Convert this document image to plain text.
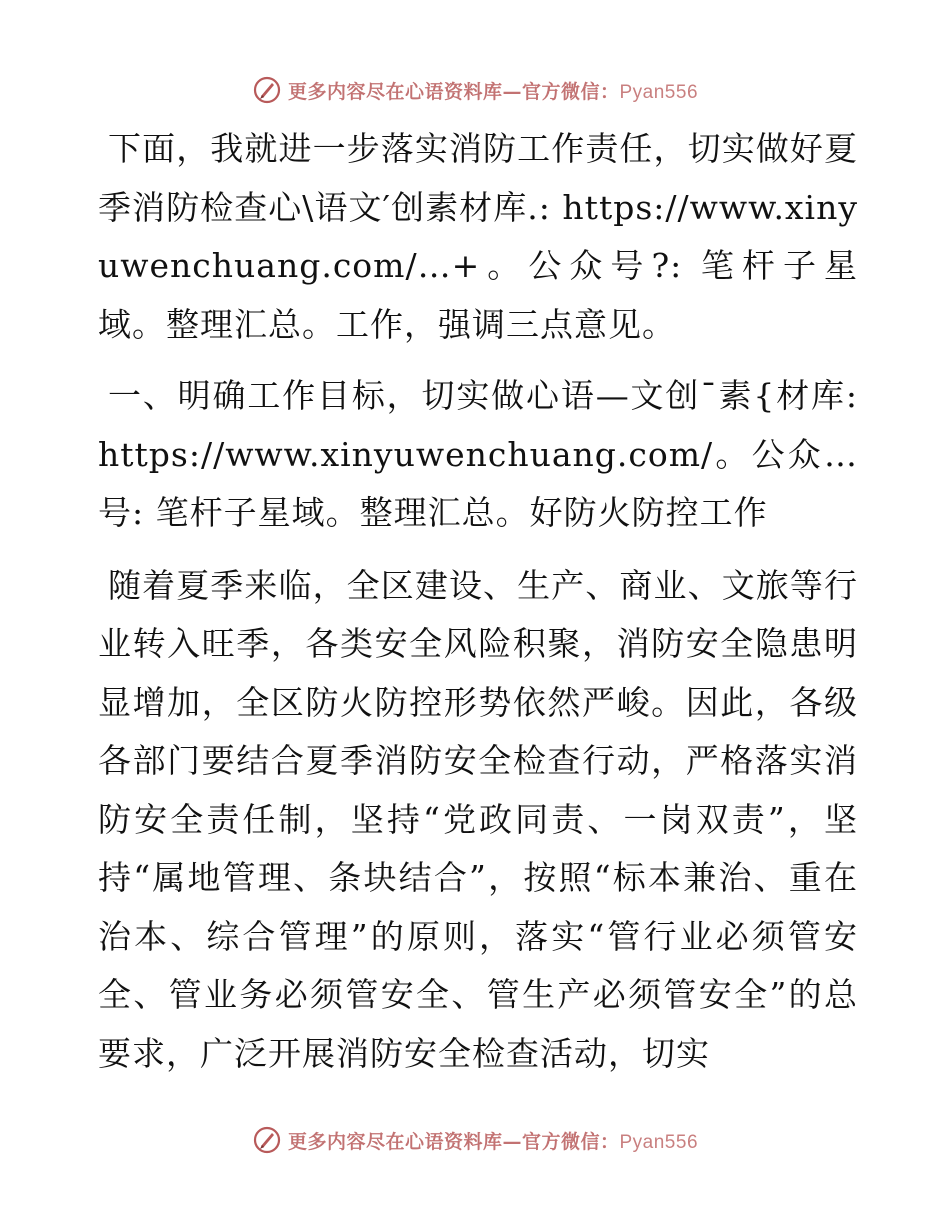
更多内容尽在心语资料库—官方微信：Pyan556

下面，我就进一步落实消防工作责任，切实做好夏季消防检查心\语文′创素材库.: https://www.xinyuwenchuang.com/…+。公众号?: 笔杆子星域。整理汇总。工作，强调三点意见。

一、明确工作目标，切实做心语—文创¯素{材库: https://www.xinyuwenchuang.com/。公众…号: 笔杆子星域。整理汇总。好防火防控工作

随着夏季来临，全区建设、生产、商业、文旅等行业转入旺季，各类安全风险积聚，消防安全隐患明显增加，全区防火防控形势依然严峻。因此，各级各部门要结合夏季消防安全检查行动，严格落实消防安全责任制，坚持“党政同责、一岗双责”，坚持“属地管理、条块结合”，按照“标本兼治、重在治本、综合管理”的原则，落实“管行业必须管安全、管业务必须管安全、管生产必须管安全”的总要求，广泛开展消防安全检查活动，切实

更多内容尽在心语资料库—官方微信：Pyan556
